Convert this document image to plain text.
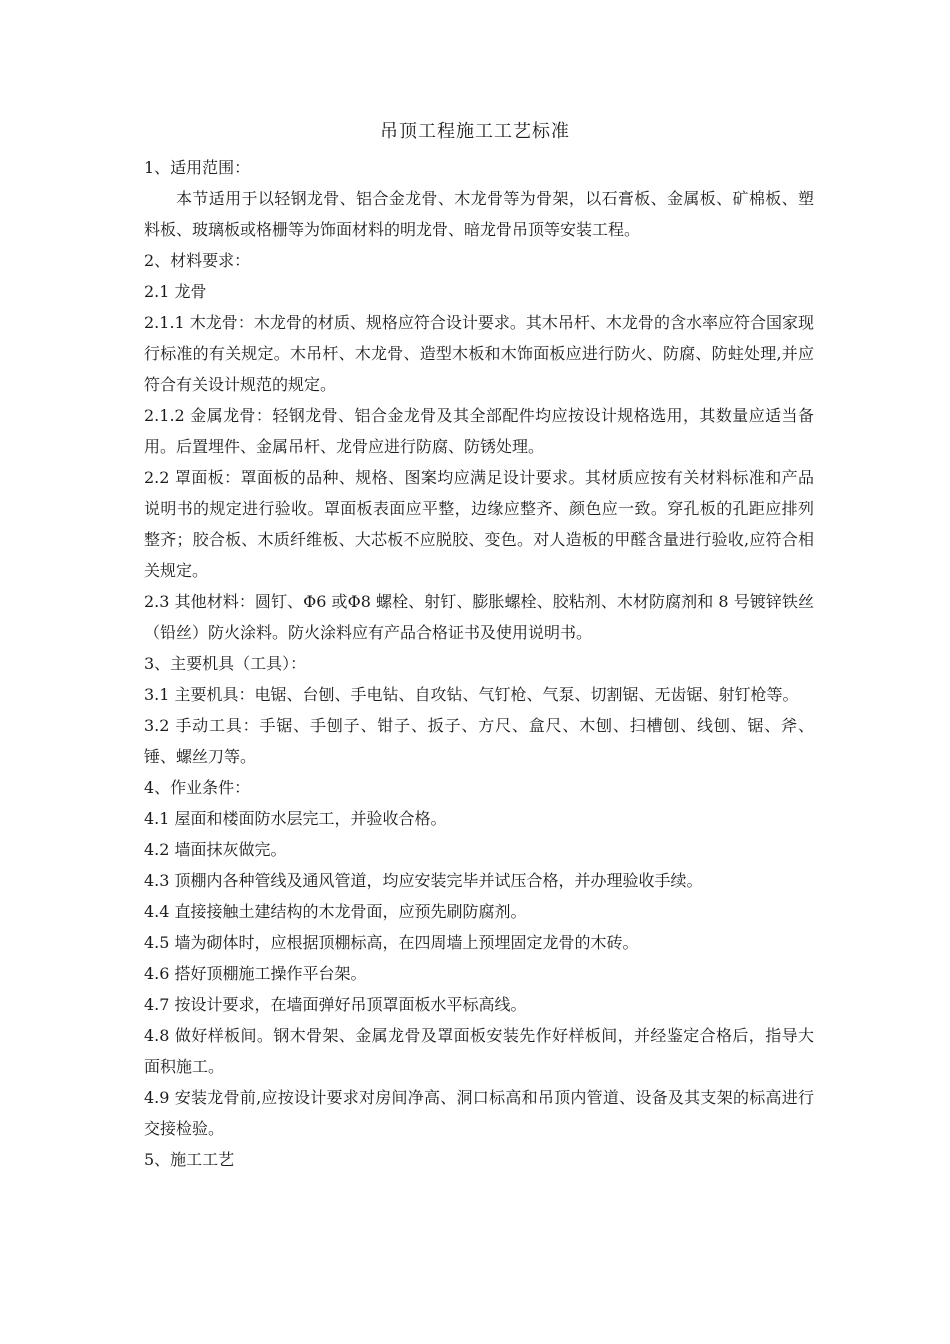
吊顶工程施工工艺标准

1、适用范围：

本节适用于以轻钢龙骨、铝合金龙骨、木龙骨等为骨架，以石膏板、金属板、矿棉板、塑料板、玻璃板或格栅等为饰面材料的明龙骨、暗龙骨吊顶等安装工程。

2、材料要求：

2.1 龙骨

2.1.1 木龙骨：木龙骨的材质、规格应符合设计要求。其木吊杆、木龙骨的含水率应符合国家现行标准的有关规定。木吊杆、木龙骨、造型木板和木饰面板应进行防火、防腐、防蛀处理,并应符合有关设计规范的规定。

2.1.2 金属龙骨：轻钢龙骨、铝合金龙骨及其全部配件均应按设计规格选用，其数量应适当备用。后置埋件、金属吊杆、龙骨应进行防腐、防锈处理。

2.2 罩面板：罩面板的品种、规格、图案均应满足设计要求。其材质应按有关材料标准和产品说明书的规定进行验收。罩面板表面应平整，边缘应整齐、颜色应一致。穿孔板的孔距应排列整齐；胶合板、木质纤维板、大芯板不应脱胶、变色。对人造板的甲醛含量进行验收,应符合相关规定。

2.3 其他材料：圆钉、Φ6 或Φ8 螺栓、射钉、膨胀螺栓、胶粘剂、木材防腐剂和 8 号镀锌铁丝（铅丝）防火涂料。防火涂料应有产品合格证书及使用说明书。

3、主要机具（工具）：

3.1 主要机具：电锯、台刨、手电钻、自攻钻、气钉枪、气泵、切割锯、无齿锯、射钉枪等。

3.2 手动工具：手锯、手刨子、钳子、扳子、方尺、盒尺、木刨、扫槽刨、线刨、锯、斧、锤、螺丝刀等。

4、作业条件：

4.1 屋面和楼面防水层完工，并验收合格。

4.2 墙面抹灰做完。

4.3 顶棚内各种管线及通风管道，均应安装完毕并试压合格，并办理验收手续。

4.4 直接接触土建结构的木龙骨面，应预先刷防腐剂。

4.5 墙为砌体时，应根据顶棚标高，在四周墙上预埋固定龙骨的木砖。

4.6 搭好顶棚施工操作平台架。

4.7 按设计要求，在墙面弹好吊顶罩面板水平标高线。

4.8 做好样板间。钢木骨架、金属龙骨及罩面板安装先作好样板间，并经鉴定合格后，指导大面积施工。

4.9 安装龙骨前,应按设计要求对房间净高、洞口标高和吊顶内管道、设备及其支架的标高进行交接检验。

5、施工工艺
